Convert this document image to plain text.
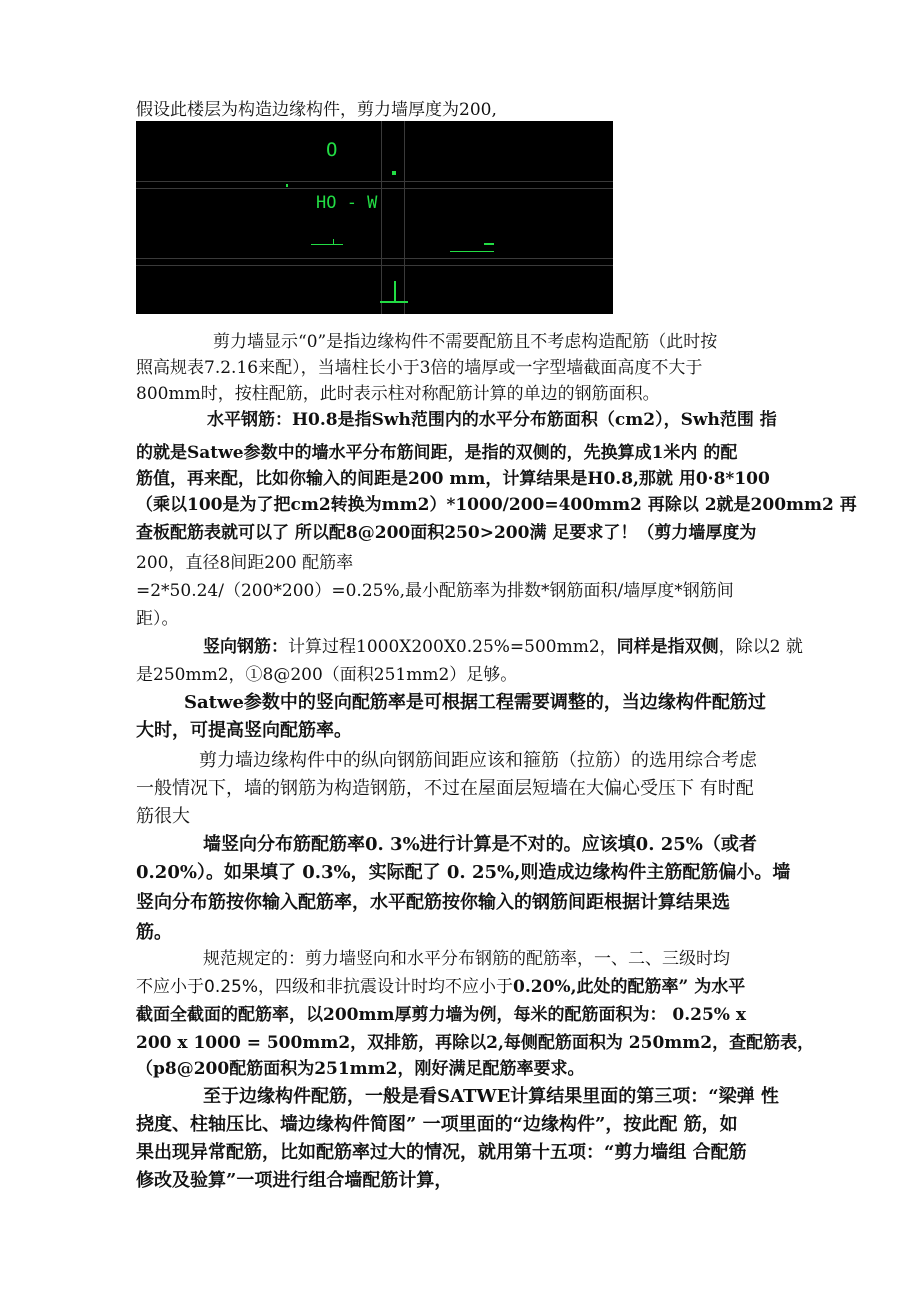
假设此楼层为构造边缘构件，剪力墙厚度为200,
O
HO - W
剪力墙显示“0”是指边缘构件不需要配筋且不考虑构造配筋（此时按
照高规表7.2.16来配），当墙柱长小于3倍的墙厚或一字型墙截面高度不大于
800mm时，按柱配筋，此时表示柱对称配筋计算的单边的钢筋面积。
水平钢筋：H0.8是指Swh范围内的水平分布筋面积（cm2），Swh范围 指
的就是Satwe参数中的墙水平分布筋间距，是指的双侧的，先换算成1米内 的配
筋值，再来配，比如你输入的间距是200 mm，计算结果是H0.8,那就 用0·8*100
（乘以100是为了把cm2转换为mm2）*1000/200=400mm2 再除以 2就是200mm2 再
查板配筋表就可以了 所以配8@200面积250>200满 足要求了！（剪力墙厚度为
200，直径8间距200 配筋率
=2*50.24/（200*200）=0.25%,最小配筋率为排数*钢筋面积/墙厚度*钢筋间
距）。
竖向钢筋：计算过程1000X200X0.25%=500mm2，同样是指双侧，除以2 就
是250mm2，①8@200（面积251mm2）足够。
Satwe参数中的竖向配筋率是可根据工程需要调整的，当边缘构件配筋过
大时，可提高竖向配筋率。
剪力墙边缘构件中的纵向钢筋间距应该和箍筋（拉筋）的选用综合考虑
一般情况下，墙的钢筋为构造钢筋，不过在屋面层短墙在大偏心受压下 有时配
筋很大
墙竖向分布筋配筋率0. 3%进行计算是不对的。应该填0. 25%（或者
0.20%）。如果填了 0.3%，实际配了 0. 25%,则造成边缘构件主筋配筋偏小。墙
竖向分布筋按你输入配筋率，水平配筋按你输入的钢筋间距根据计算结果选
筋。
规范规定的：剪力墙竖向和水平分布钢筋的配筋率，一、二、三级时均
不应小于0.25%，四级和非抗震设计时均不应小于0.20%,此处的配筋率” 为水平
截面全截面的配筋率，以200mm厚剪力墙为例，每米的配筋面积为： 0.25% x
200 x 1000 = 500mm2，双排筋，再除以2,每侧配筋面积为 250mm2，查配筋表，
（p8@200配筋面积为251mm2，刚好满足配筋率要求。
至于边缘构件配筋，一般是看SATWE计算结果里面的第三项：“梁弹 性
挠度、柱轴压比、墙边缘构件简图” 一项里面的“边缘构件”，按此配 筋，如
果出现异常配筋，比如配筋率过大的情况，就用第十五项：“剪力墙组 合配筋
修改及验算”一项进行组合墙配筋计算，
